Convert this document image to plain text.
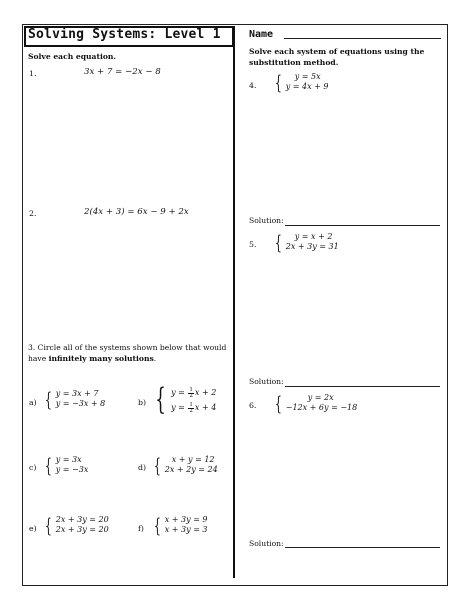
Solving Systems: Level 1	Name
Solve each equation.
1.	3x + 7 = −2x − 8
2.	2(4x + 3) = 6x − 9 + 2x
3. Circle all of the systems shown below that would have infinitely many solutions.
a) { y = 3x + 7
y = −3x + 8	b) { $y = \frac{1}{2}$ x + 2
$y = \frac{1}{2}$ x + 4
c) { y = 3x
y = −3x	d) {	x + y = 12
2x + 2y = 24
e) { 2x + 3y = 20
2x + 3y = 20	f) { x + 3y = 9
x + 3y = 3
Solve each system of equations using the substitution method.
4. {	y = 5x
y = 4x + 9
Solution:
5. {	y = x + 2
2x + 3y = 31
Solution:
6. {	y = 2x
−12x + 6y = −18
Solution:
